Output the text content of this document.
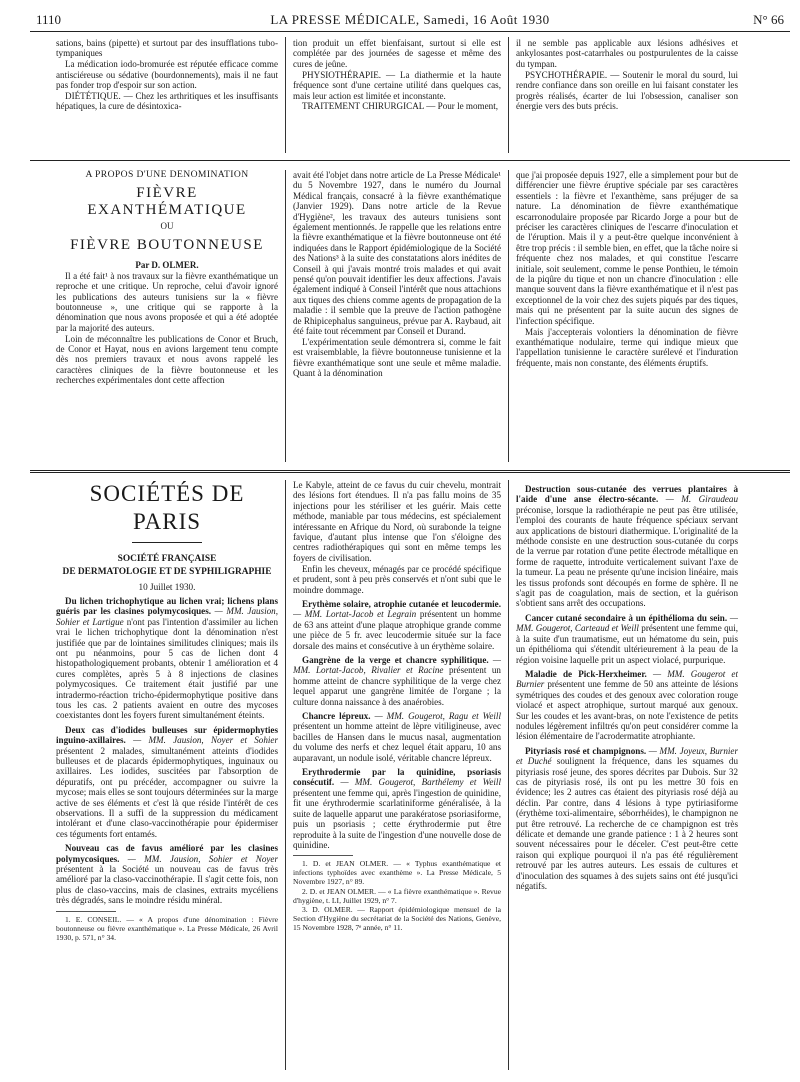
1110	LA PRESSE MÉDICALE, Samedi, 16 Août 1930	N° 66

sations, bains (pipette) et surtout par des insufflations tubo-tympaniques

La médication iodo-bromurée est réputée efficace comme antisciéreuse ou sédative (bourdonnements), mais il ne faut pas fonder trop d'espoir sur son action.

DIÉTÉTIQUE. — Chez les arthritiques et les insuffisants hépatiques, la cure de désintoxica-

tion produit un effet bienfaisant, surtout si elle est complétée par des journées de sagesse et même des cures de jeûne.

PHYSIOTHÉRAPIE. — La diathermie et la haute fréquence sont d'une certaine utilité dans quelques cas, mais leur action est limitée et inconstante.

TRAITEMENT CHIRURGICAL — Pour le moment,

il ne semble pas applicable aux lésions adhésives et ankylosantes post-catarrhales ou postpurulentes de la caisse du tympan.

PSYCHOTHÉRAPIE. — Soutenir le moral du sourd, lui rendre confiance dans son oreille en lui faisant constater les progrès réalisés, écarter de lui l'obsession, canaliser son énergie vers des buts précis.

A PROPOS D'UNE DÉNOMINATION

FIÈVRE EXANTHÉMATIQUE

OU

FIÈVRE BOUTONNEUSE

Par D. OLMER.

Il a été fait¹ à nos travaux sur la fièvre exanthématique un reproche et une critique. Un reproche, celui d'avoir ignoré les publications des auteurs tunisiens sur la « fièvre boutonneuse », une critique qui se rapporte à la dénomination que nous avons proposée et qui a été adoptée par la majorité des auteurs.

Loin de méconnaître les publications de Conor et Bruch, de Conor et Hayat, nous en avions largement tenu compte dès nos premiers travaux et nous avons rappelé les caractères cliniques de la fièvre boutonneuse et les recherches expérimentales dont cette affection

avait été l'objet dans notre article de La Presse Médicale¹ du 5 Novembre 1927, dans le numéro du Journal Médical français, consacré à la fièvre exanthématique (Janvier 1929). Dans notre article de la Revue d'Hygiène², les travaux des auteurs tunisiens sont également mentionnés. Je rappelle que les relations entre la fièvre exanthématique et la fièvre boutonneuse ont été indiquées dans le Rapport épidémiologique de la Société des Nations³ à la suite des constatations alors inédites de Conseil à qui j'avais montré trois malades et qui avait pensé qu'on pouvait identifier les deux affections. J'avais également indiqué à Conseil l'intérêt que nous attachions aux tiques des chiens comme agents de propagation de la maladie : il semble que la preuve de l'action pathogène de Rhipicephalus sanguineus, prévue par A. Raybaud, ait été faite tout récemment par Conseil et Durand.

L'expérimentation seule démontrera si, comme le fait est vraisemblable, la fièvre boutonneuse tunisienne et la fièvre exanthématique sont une seule et même maladie. Quant à la dénomination

que j'ai proposée depuis 1927, elle a simplement pour but de différencier une fièvre éruptive spéciale par ses caractères essentiels : la fièvre et l'exanthème, sans préjuger de sa nature. La dénomination de fièvre exanthématique escarronodulaire proposée par Ricardo Jorge a pour but de préciser les caractères cliniques de l'escarre d'inoculation et de l'éruption. Mais il y a peut-être quelque inconvénient à être trop précis : il semble bien, en effet, que la tâche noire si fréquente chez nos malades, et qui constitue l'escarre initiale, soit seulement, comme le pense Ponthieu, le témoin de la piqûre du tique et non un chancre d'inoculation : elle manque souvent dans la fièvre exanthématique et il n'est pas exceptionnel de la voir chez des sujets piqués par des tiques, mais qui ne présentent par la suite aucun des signes de l'infection spécifique.

Mais j'accepterais volontiers la dénomination de fièvre exanthématique nodulaire, terme qui indique mieux que l'appellation tunisienne le caractère surélevé et l'induration fréquente, mais non constante, des éléments éruptifs.

SOCIÉTÉS DE PARIS

SOCIÉTÉ FRANÇAISE

DE DERMATOLOGIE ET DE SYPHILIGRAPHIE

10 Juillet 1930.

Du lichen trichophytique au lichen vrai; lichens plans guéris par les clasines polymycosiques. — MM. Jausion, Sohier et Lartigue n'ont pas l'intention d'assimiler au lichen vrai le lichen trichophytique dont la dénomination n'est justifiée que par de lointaines similitudes cliniques; mais ils ont pu néanmoins, pour 5 cas de lichen dont 4 histopathologiquement probants, obtenir 1 amélioration et 4 cures complètes, après 5 à 8 injections de clasines polymycosiques. Ce traitement était justifié par une intradermo-réaction tricho-épidermophytique positive dans tous les cas. 2 patients avaient en outre des mycoses coexistantes dont les foyers furent simultanément éteints.

Deux cas d'iodides bulleuses sur épidermophyties inguino-axillaires. — MM. Jausion, Noyer et Sohier présentent 2 malades, simultanément atteints d'iodides bulleuses et de placards épidermophytiques, inguinaux ou axillaires. Les iodides, suscitées par l'absorption de dépuratifs, ont pu précéder, accompagner ou suivre la mycose; mais elles se sont toujours déterminées sur la marge active de ses éléments et c'est là que réside l'intérêt de ces observations. Il a suffi de la suppression du médicament intolérant et d'une claso-vaccinothérapie pour épidermiser ces téguments fort entamés.

Nouveau cas de favus amélioré par les clasines polymycosiques. — MM. Jausion, Sohier et Noyer présentent à la Société un nouveau cas de favus très amélioré par la claso-vaccinothérapie. Il s'agit cette fois, non plus de claso-vaccins, mais de clasines, extraits mycéliens très dégradés, sans le moindre résidu minéral.

1. E. CONSEIL. — « A propos d'une dénomination : Fièvre boutonneuse ou fièvre exanthématique ». La Presse Médicale, 26 Avril 1930, p. 571, n° 34.

Le Kabyle, atteint de ce favus du cuir chevelu, montrait des lésions fort étendues. Il n'a pas fallu moins de 35 injections pour les stériliser et les guérir. Mais cette méthode, maniable par tous médecins, est spécialement intéressante en Afrique du Nord, où surabonde la teigne favique, d'autant plus intense que l'on s'éloigne des centres radiothérapiques qui sont en même temps les foyers de civilisation.

Enfin les cheveux, ménagés par ce procédé spécifique et prudent, sont à peu près conservés et n'ont subi que le moindre dommage.

Erythème solaire, atrophie cutanée et leucodermie. — MM. Lortat-Jacob et Legrain présentent un homme de 63 ans atteint d'une plaque atrophique grande comme une pièce de 5 fr. avec leucodermie située sur la face dorsale des mains et consécutive à un érythème solaire.

Gangrène de la verge et chancre syphilitique. — MM. Lortat-Jacob, Rivalier et Racine présentent un homme atteint de chancre syphilitique de la verge chez lequel apparut une gangrène limitée de l'organe ; la culture donna naissance à des anaérobies.

Chancre lépreux. — MM. Gougerot, Ragu et Weill présentent un homme atteint de lèpre vitiligineuse, avec bacilles de Hansen dans le mucus nasal, augmentation du volume des nerfs et chez lequel était apparu, 10 ans auparavant, un nodule isolé, véritable chancre lépreux.

Erythrodermie par la quinidine, psoriasis consécutif. — MM. Gougerot, Barthélemy et Weill présentent une femme qui, après l'ingestion de quinidine, fit une érythrodermie scarlatiniforme généralisée, à la suite de laquelle apparut une parakératose psoriasiforme, puis un psoriasis ; cette érythrodermie put être reproduite à la suite de l'ingestion d'une nouvelle dose de quinidine.

1. D. et JEAN OLMER. — « Typhus exanthématique et infections typhoïdes avec exanthème ». La Presse Médicale, 5 Novembre 1927, n° 89.

2. D. et JEAN OLMER. — « La fièvre exanthématique ». Revue d'hygiène, t. LI, Juillet 1929, n° 7.

3. D. OLMER. — Rapport épidémiologique mensuel de la Section d'Hygiène du secrétariat de la Société des Nations, Genève, 15 Novembre 1928, 7ᵉ année, n° 11.

Destruction sous-cutanée des verrues plantaires à l'aide d'une anse électro-sécante. — M. Giraudeau préconise, lorsque la radiothérapie ne peut pas être utilisée, l'emploi des courants de haute fréquence spéciaux servant aux applications de bistouri diathermique. L'originalité de la méthode consiste en une destruction sous-cutanée du corps de la verrue par rotation d'une petite électrode métallique en forme de raquette, introduite verticalement suivant l'axe de la tumeur. La peau ne présente qu'une incision linéaire, mais les tissus profonds sont découpés en forme de sphère. Il ne s'agit pas de coagulation, mais de section, et la guérison s'obtient sans arrêt des occupations.

Cancer cutané secondaire à un épithélioma du sein. — MM. Gougerot, Carteaud et Weill présentent une femme qui, à la suite d'un traumatisme, eut un hématome du sein, puis un épithélioma qui s'étendit ultérieurement à la peau de la région voisine laquelle prit un aspect violacé, purpurique.

Maladie de Pick-Herxheimer. — MM. Gougerot et Burnier présentent une femme de 50 ans atteinte de lésions symétriques des coudes et des genoux avec coloration rouge violacé et aspect atrophique, surtout marqué aux genoux. Sur les coudes et les avant-bras, on note l'existence de petits nodules légèrement infiltrés qu'on peut considérer comme la lésion élémentaire de l'acrodermatite atrophiante.

Pityriasis rosé et champignons. — MM. Joyeux, Burnier et Duché soulignent la fréquence, dans les squames du pityriasis rosé jeune, des spores décrites par Dubois. Sur 32 cas de pityriasis rosé, ils ont pu les mettre 30 fois en évidence; les 2 autres cas étaient des pityriasis rosé déjà au déclin. Par contre, dans 4 lésions à type pytiriasiforme (érythème toxi-alimentaire, séborrhéides), le champignon ne put être retrouvé. La recherche de ce champignon est très délicate et demande une grande patience : 1 à 2 heures sont souvent nécessaires pour le déceler. C'est peut-être cette raison qui explique pourquoi il n'a pas été régulièrement retrouvé par les autres auteurs. Les essais de cultures et d'inoculation des squames à des sujets sains ont été jusqu'ici négatifs.
